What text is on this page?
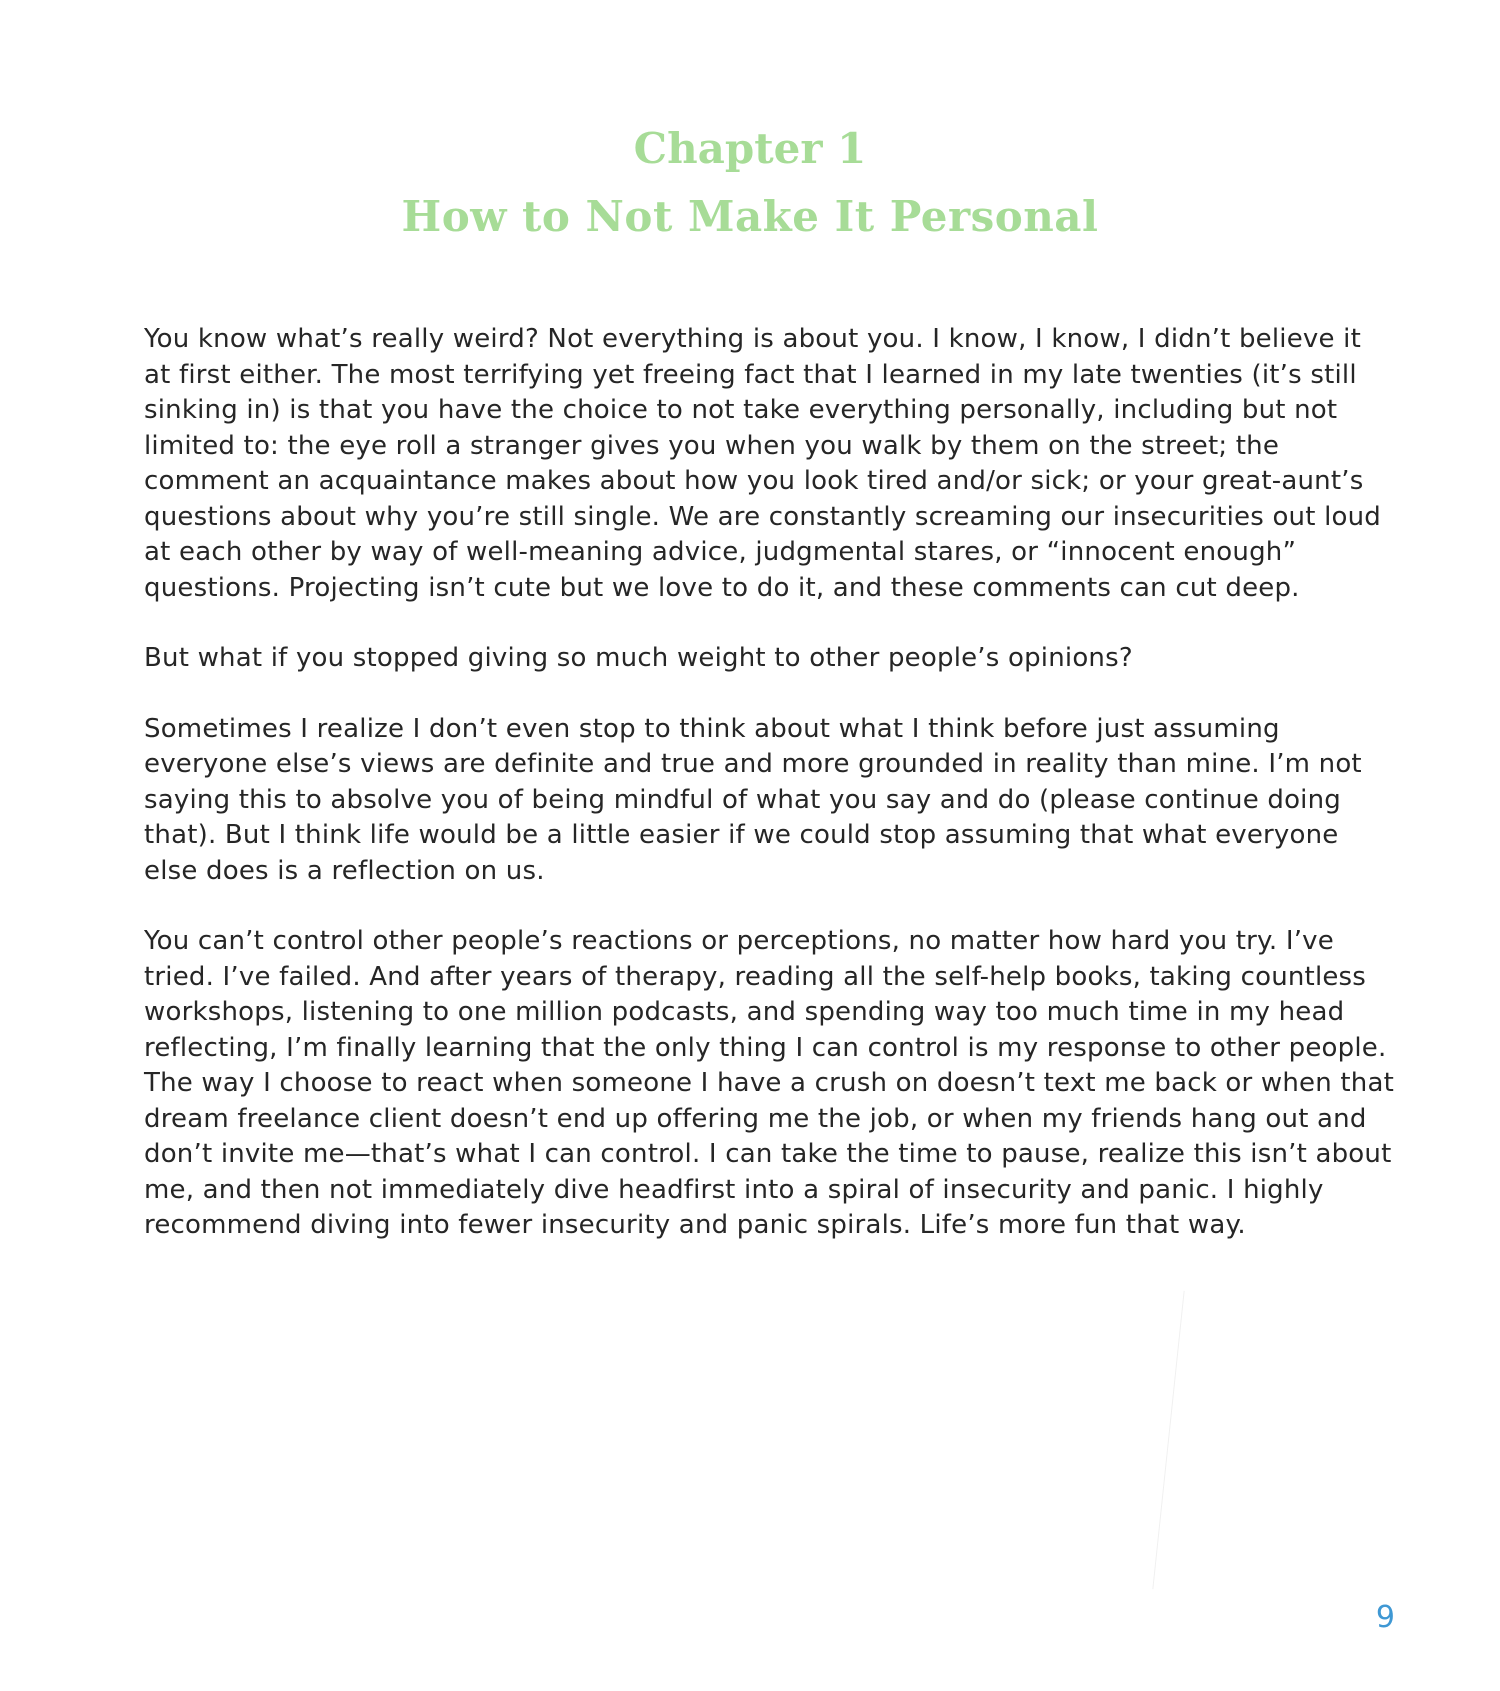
Chapter 1
How to Not Make It Personal

You know what’s really weird? Not everything is about you. I know, I know, I didn’t believe it at first either. The most terrifying yet freeing fact that I learned in my late twenties (it’s still sinking in) is that you have the choice to not take everything personally, including but not limited to: the eye roll a stranger gives you when you walk by them on the street; the comment an acquaintance makes about how you look tired and/or sick; or your great-aunt’s questions about why you’re still single. We are constantly screaming our insecurities out loud at each other by way of well-meaning advice, judgmental stares, or “innocent enough” questions. Projecting isn’t cute but we love to do it, and these comments can cut deep.

But what if you stopped giving so much weight to other people’s opinions?

Sometimes I realize I don’t even stop to think about what I think before just assuming everyone else’s views are definite and true and more grounded in reality than mine. I’m not saying this to absolve you of being mindful of what you say and do (please continue doing that). But I think life would be a little easier if we could stop assuming that what everyone else does is a reflection on us.

You can’t control other people’s reactions or perceptions, no matter how hard you try. I’ve tried. I’ve failed. And after years of therapy, reading all the self-help books, taking countless workshops, listening to one million podcasts, and spending way too much time in my head reflecting, I’m finally learning that the only thing I can control is my response to other people. The way I choose to react when someone I have a crush on doesn’t text me back or when that dream freelance client doesn’t end up offering me the job, or when my friends hang out and don’t invite me—that’s what I can control. I can take the time to pause, realize this isn’t about me, and then not immediately dive headfirst into a spiral of insecurity and panic. I highly recommend diving into fewer insecurity and panic spirals. Life’s more fun that way.

9
